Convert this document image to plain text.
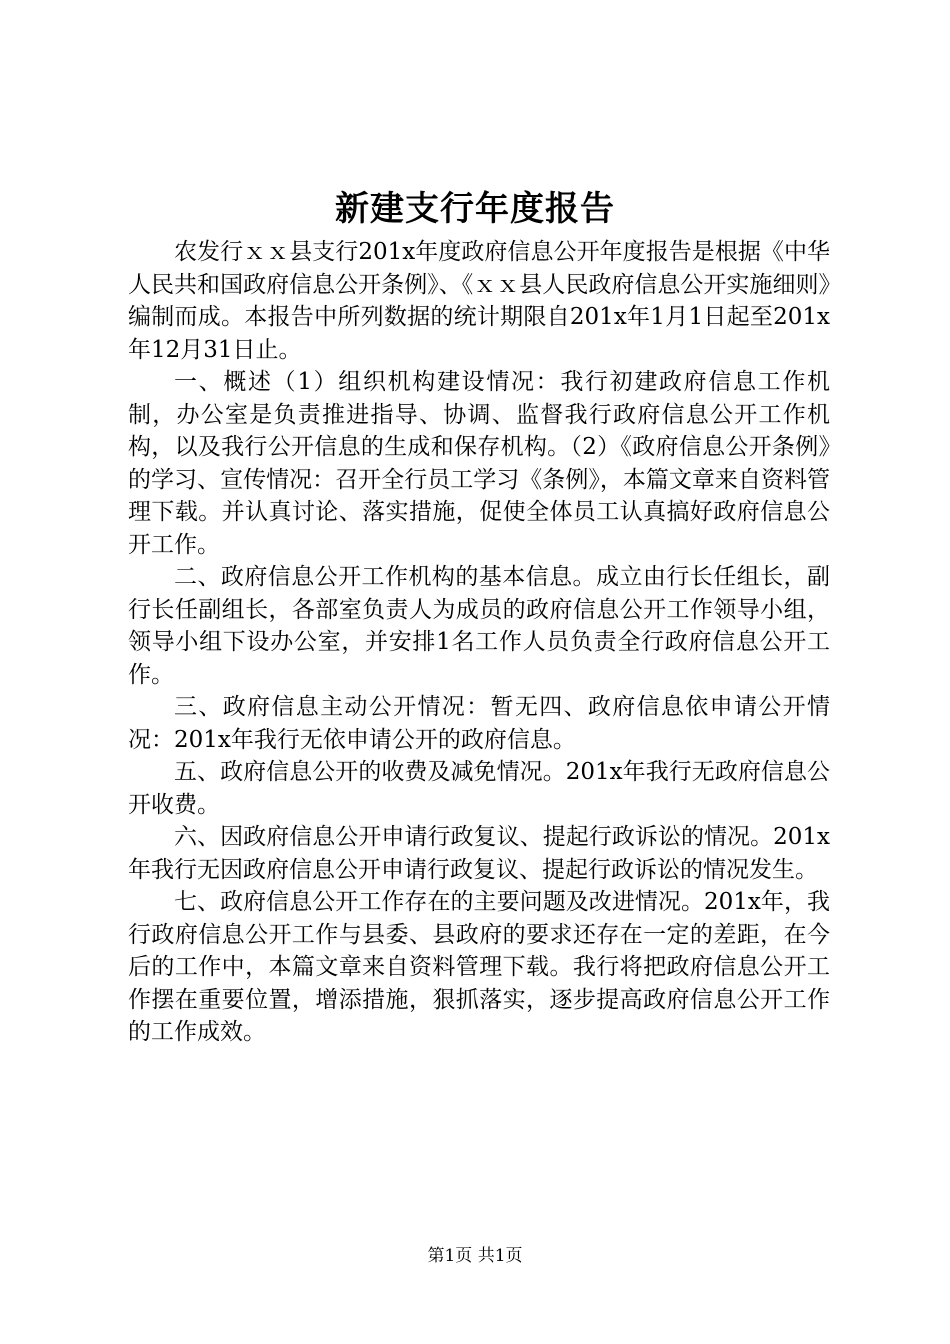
新建支行年度报告

农发行ｘｘ县支行201x年度政府信息公开年度报告是根据《中华人民共和国政府信息公开条例》、《ｘｘ县人民政府信息公开实施细则》编制而成。本报告中所列数据的统计期限自201x年1月1日起至201x年12月31日止。

一、概述（1）组织机构建设情况：我行初建政府信息工作机制，办公室是负责推进指导、协调、监督我行政府信息公开工作机构，以及我行公开信息的生成和保存机构。（2）《政府信息公开条例》的学习、宣传情况：召开全行员工学习《条例》，本篇文章来自资料管理下载。并认真讨论、落实措施，促使全体员工认真搞好政府信息公开工作。

二、政府信息公开工作机构的基本信息。成立由行长任组长，副行长任副组长，各部室负责人为成员的政府信息公开工作领导小组，领导小组下设办公室，并安排1名工作人员负责全行政府信息公开工作。

三、政府信息主动公开情况：暂无四、政府信息依申请公开情况：201x年我行无依申请公开的政府信息。

五、政府信息公开的收费及减免情况。201x年我行无政府信息公开收费。

六、因政府信息公开申请行政复议、提起行政诉讼的情况。201x年我行无因政府信息公开申请行政复议、提起行政诉讼的情况发生。

七、政府信息公开工作存在的主要问题及改进情况。201x年，我行政府信息公开工作与县委、县政府的要求还存在一定的差距，在今后的工作中，本篇文章来自资料管理下载。我行将把政府信息公开工作摆在重要位置，增添措施，狠抓落实，逐步提高政府信息公开工作的工作成效。

第1页 共1页
